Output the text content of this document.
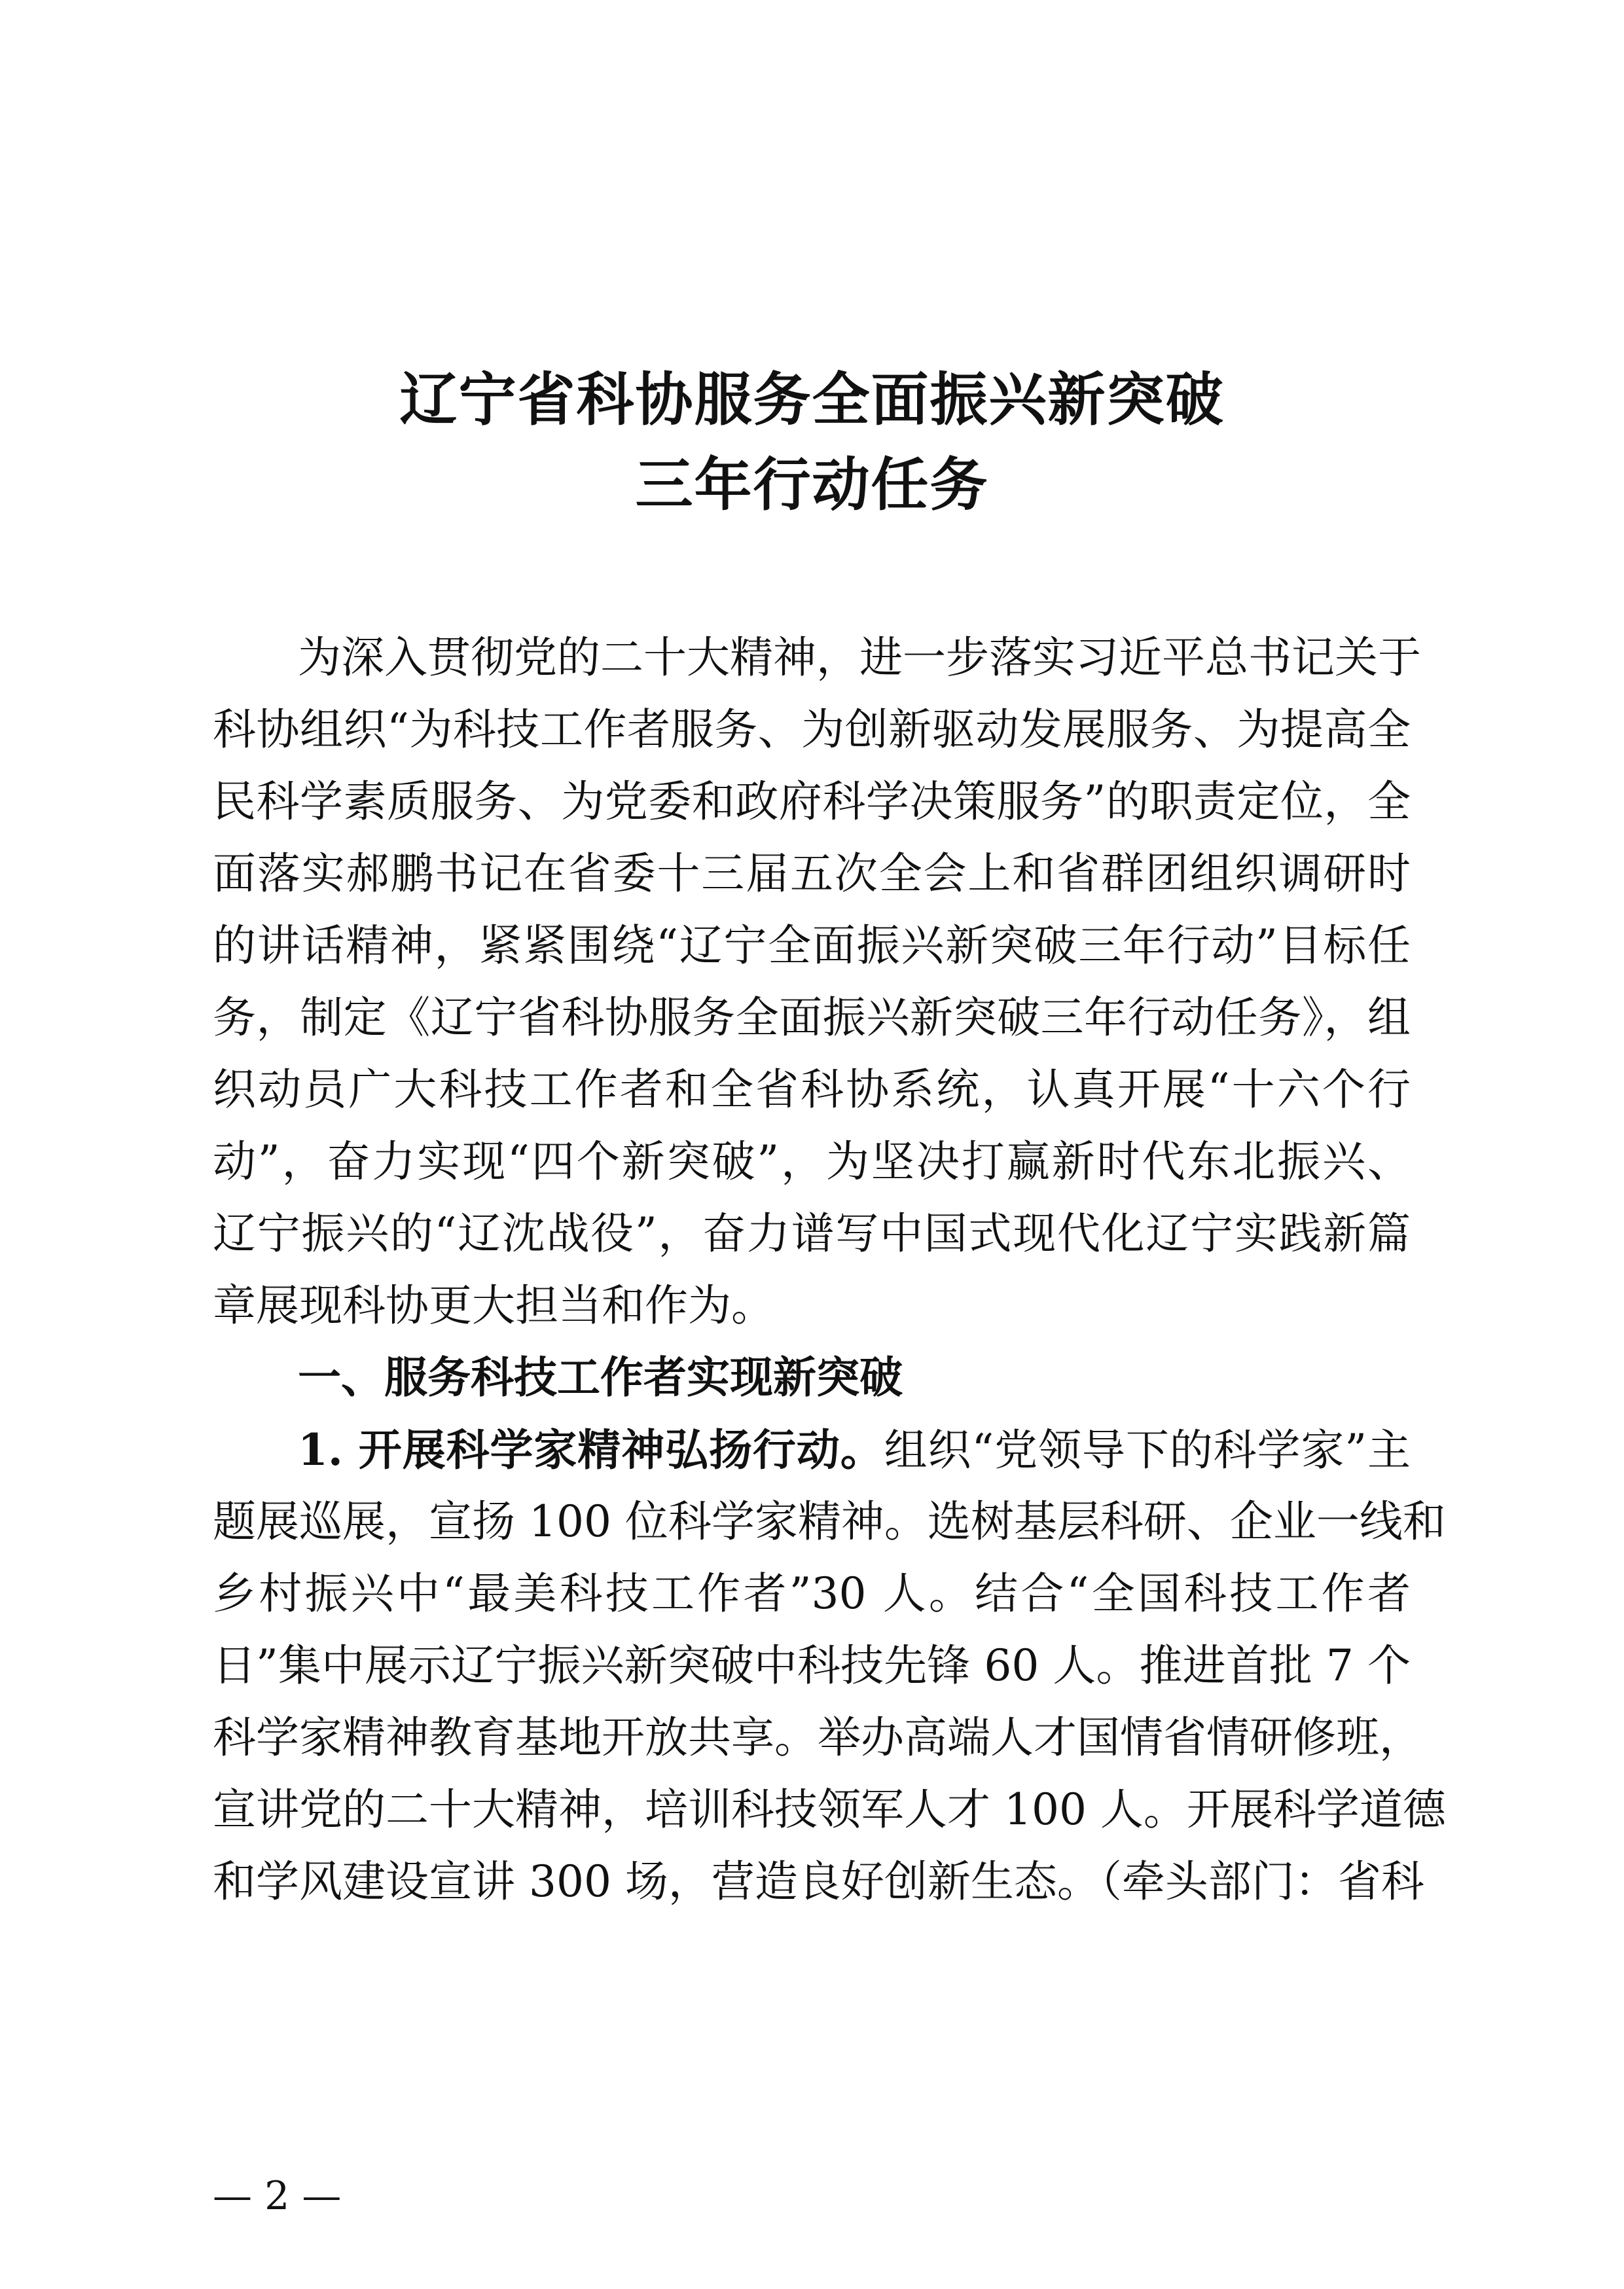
辽宁省科协服务全面振兴新突破
三年行动任务
为深入贯彻党的二十大精神，进一步落实习近平总书记关于
科协组织“为科技工作者服务、为创新驱动发展服务、为提高全
民科学素质服务、为党委和政府科学决策服务”的职责定位，全
面落实郝鹏书记在省委十三届五次全会上和省群团组织调研时
的讲话精神，紧紧围绕“辽宁全面振兴新突破三年行动”目标任
务，制定《辽宁省科协服务全面振兴新突破三年行动任务》，组
织动员广大科技工作者和全省科协系统，认真开展“十六个行
动”，奋力实现“四个新突破”，为坚决打赢新时代东北振兴、
辽宁振兴的“辽沈战役”，奋力谱写中国式现代化辽宁实践新篇
章展现科协更大担当和作为。
一、服务科技工作者实现新突破
1. 开展科学家精神弘扬行动。组织“党领导下的科学家”主
题展巡展，宣扬 100 位科学家精神。选树基层科研、企业一线和
乡村振兴中“最美科技工作者”30 人。结合“全国科技工作者
日”集中展示辽宁振兴新突破中科技先锋 60 人。推进首批 7 个
科学家精神教育基地开放共享。举办高端人才国情省情研修班，
宣讲党的二十大精神，培训科技领军人才 100 人。开展科学道德
和学风建设宣讲 300 场，营造良好创新生态。（牵头部门：省科
— 2 —
